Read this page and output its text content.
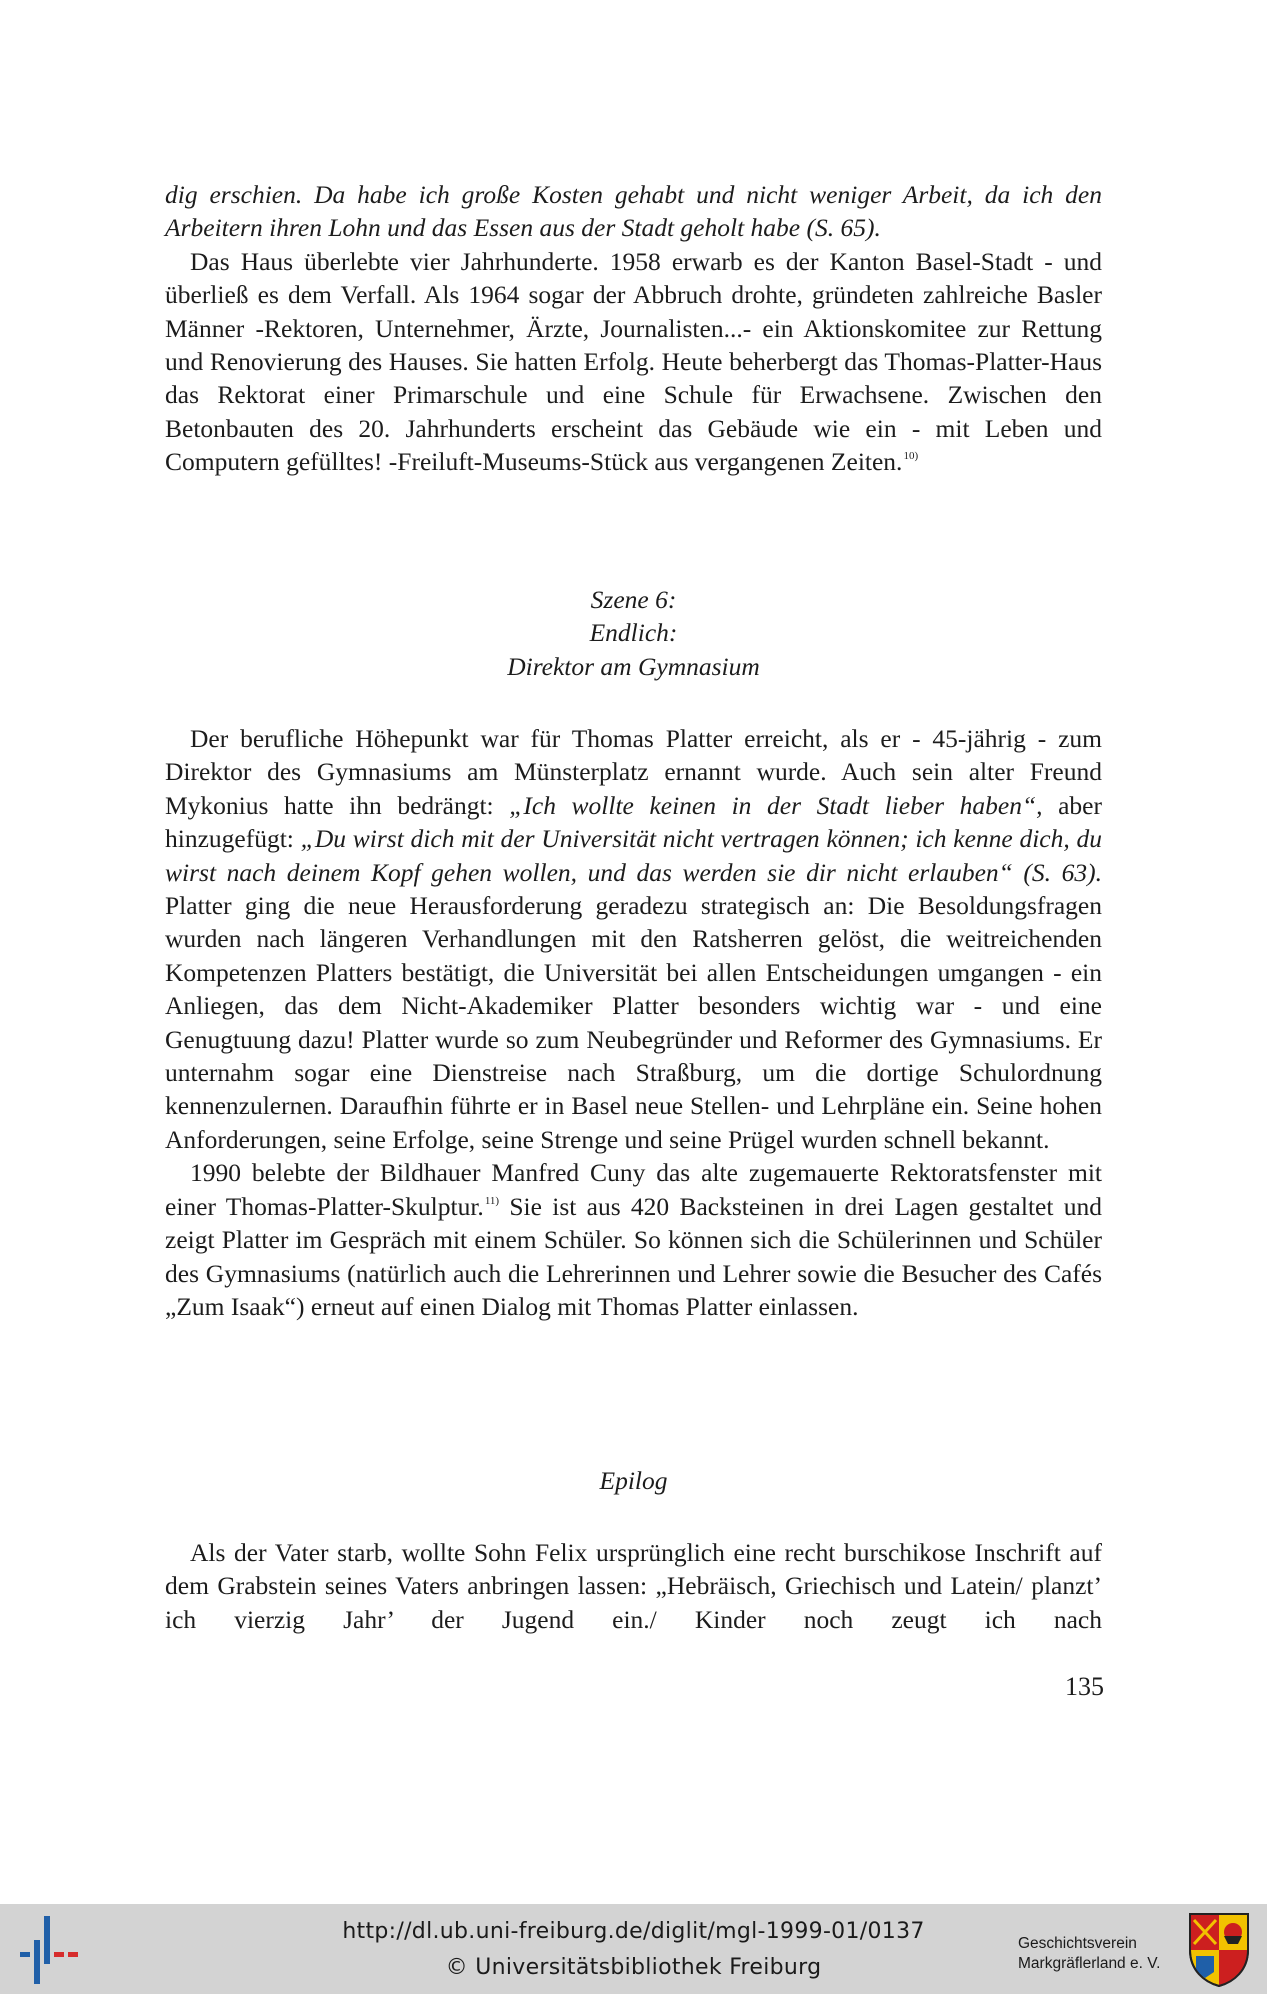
dig erschien. Da habe ich große Kosten gehabt und nicht weniger Arbeit, da ich den Arbeitern ihren Lohn und das Essen aus der Stadt geholt habe (S. 65).

Das Haus überlebte vier Jahrhunderte. 1958 erwarb es der Kanton Basel-Stadt - und überließ es dem Verfall. Als 1964 sogar der Abbruch drohte, gründeten zahlreiche Basler Männer -Rektoren, Unternehmer, Ärzte, Journalisten...- ein Aktionskomitee zur Rettung und Renovierung des Hauses. Sie hatten Erfolg. Heute beherbergt das Thomas-Platter-Haus das Rektorat einer Primarschule und eine Schule für Erwachsene. Zwischen den Betonbauten des 20. Jahrhunderts erscheint das Gebäude wie ein - mit Leben und Computern gefülltes! -Freiluft-Museums-Stück aus vergangenen Zeiten.$^{10)}$

Szene 6:
Endlich:
Direktor am Gymnasium

Der berufliche Höhepunkt war für Thomas Platter erreicht, als er - 45-jährig - zum Direktor des Gymnasiums am Münsterplatz ernannt wurde. Auch sein alter Freund Mykonius hatte ihn bedrängt: „Ich wollte keinen in der Stadt lieber haben“, aber hinzugefügt: „Du wirst dich mit der Universität nicht vertragen können; ich kenne dich, du wirst nach deinem Kopf gehen wollen, und das werden sie dir nicht erlauben“ (S. 63). Platter ging die neue Herausforderung geradezu strategisch an: Die Besoldungsfragen wurden nach längeren Verhandlungen mit den Ratsherren gelöst, die weitreichenden Kompetenzen Platters bestätigt, die Universität bei allen Entscheidungen umgangen - ein Anliegen, das dem Nicht-Akademiker Platter besonders wichtig war - und eine Genugtuung dazu! Platter wurde so zum Neubegründer und Reformer des Gymnasiums. Er unternahm sogar eine Dienstreise nach Straßburg, um die dortige Schulordnung kennenzulernen. Daraufhin führte er in Basel neue Stellen- und Lehrpläne ein. Seine hohen Anforderungen, seine Erfolge, seine Strenge und seine Prügel wurden schnell bekannt.

1990 belebte der Bildhauer Manfred Cuny das alte zugemauerte Rektoratsfenster mit einer Thomas-Platter-Skulptur.$^{11)}$ Sie ist aus 420 Backsteinen in drei Lagen gestaltet und zeigt Platter im Gespräch mit einem Schüler. So können sich die Schülerinnen und Schüler des Gymnasiums (natürlich auch die Lehrerinnen und Lehrer sowie die Besucher des Cafés „Zum Isaak“) erneut auf einen Dialog mit Thomas Platter einlassen.

Epilog

Als der Vater starb, wollte Sohn Felix ursprünglich eine recht burschikose Inschrift auf dem Grabstein seines Vaters anbringen lassen: „Hebräisch, Griechisch und Latein/ planzt’ ich vierzig Jahr’ der Jugend ein./ Kinder noch zeugt ich nach

135
http://dl.ub.uni-freiburg.de/diglit/mgl-1999-01/0137
© Universitätsbibliothek Freiburg
Geschichtsverein
Markgräflerland e. V.
